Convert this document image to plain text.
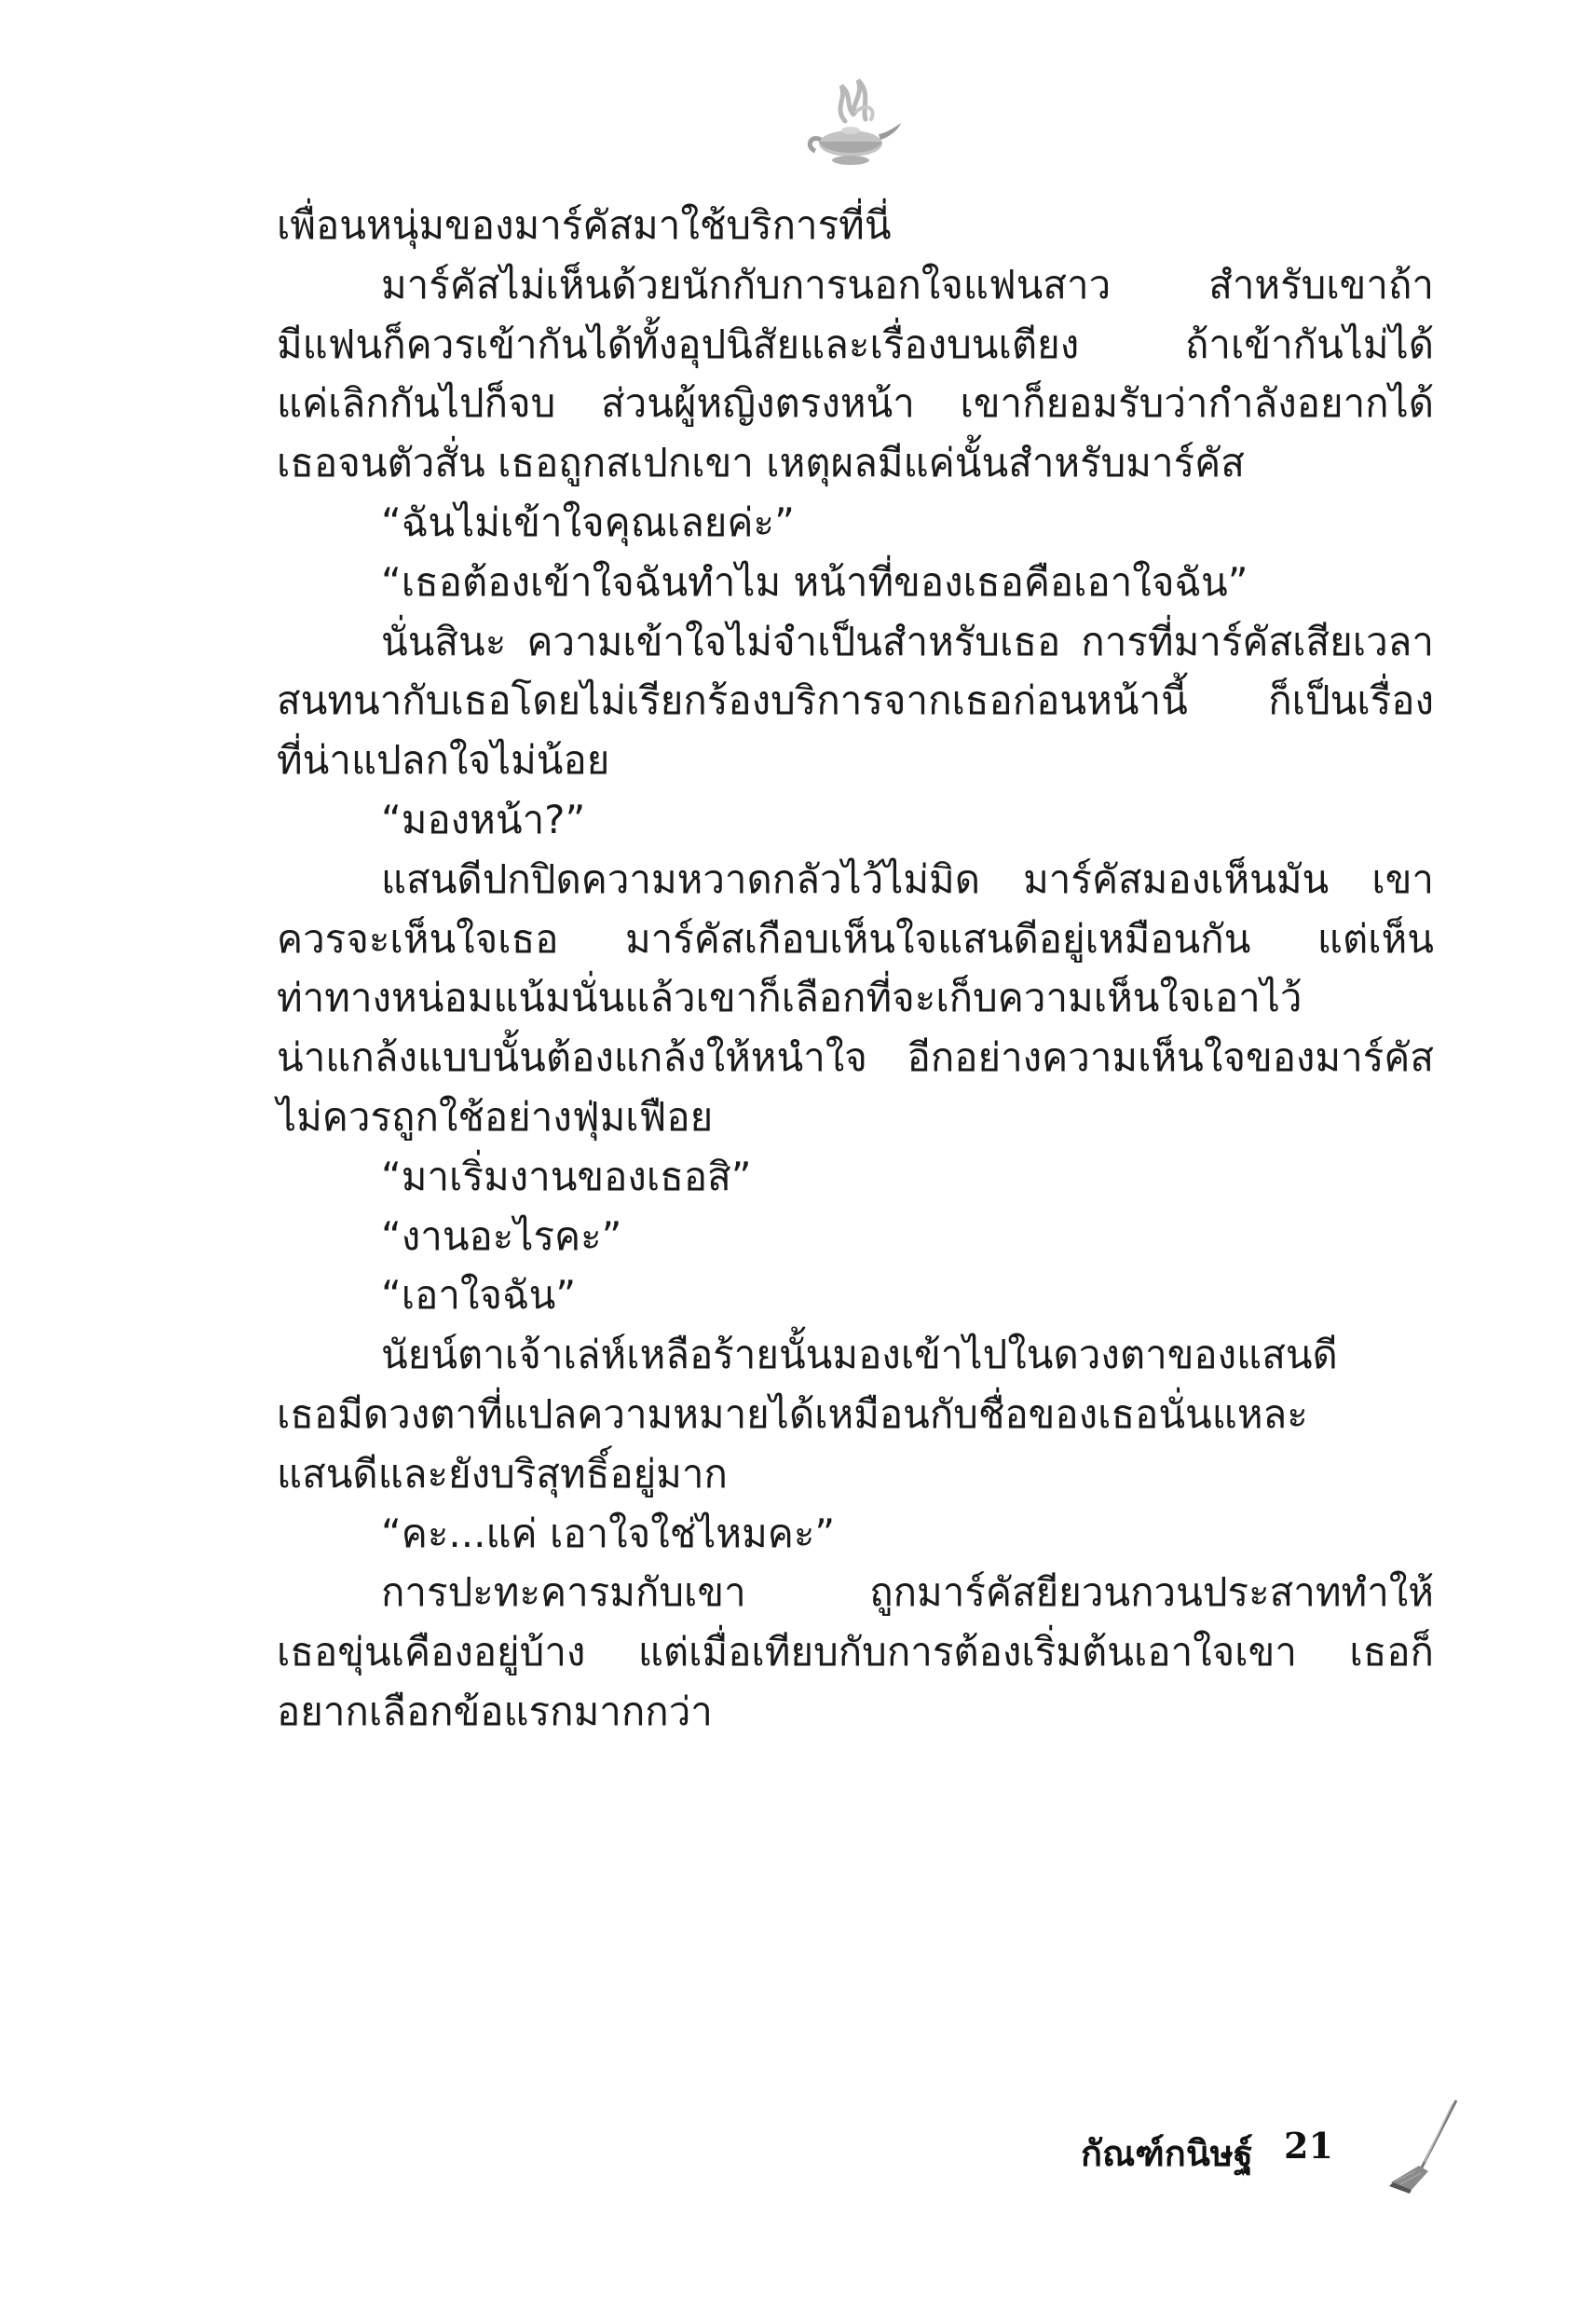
เพื่อนหนุ่มของมาร์คัสมาใช้บริการที่นี่
มาร์คัสไม่เห็นด้วยนักกับการนอกใจแฟนสาว สำหรับเขาถ้า
มีแฟนก็ควรเข้ากันได้ทั้งอุปนิสัยและเรื่องบนเตียง ถ้าเข้ากันไม่ได้
แค่เลิกกันไปก็จบ ส่วนผู้หญิงตรงหน้า เขาก็ยอมรับว่ากำลังอยากได้
เธอจนตัวสั่น เธอถูกสเปกเขา เหตุผลมีแค่นั้นสำหรับมาร์คัส
“ฉันไม่เข้าใจคุณเลยค่ะ”
“เธอต้องเข้าใจฉันทำไม หน้าที่ของเธอคือเอาใจฉัน”
นั่นสินะ ความเข้าใจไม่จำเป็นสำหรับเธอ การที่มาร์คัสเสียเวลา
สนทนากับเธอโดยไม่เรียกร้องบริการจากเธอก่อนหน้านี้ ก็เป็นเรื่อง
ที่น่าแปลกใจไม่น้อย
“มองหน้า?”
แสนดีปกปิดความหวาดกลัวไว้ไม่มิด มาร์คัสมองเห็นมัน เขา
ควรจะเห็นใจเธอ มาร์คัสเกือบเห็นใจแสนดีอยู่เหมือนกัน แต่เห็น
ท่าทางหน่อมแน้มนั่นแล้วเขาก็เลือกที่จะเก็บความเห็นใจเอาไว้
น่าแกล้งแบบนั้นต้องแกล้งให้หนำใจ อีกอย่างความเห็นใจของมาร์คัส
ไม่ควรถูกใช้อย่างฟุ่มเฟือย
“มาเริ่มงานของเธอสิ”
“งานอะไรคะ”
“เอาใจฉัน”
นัยน์ตาเจ้าเล่ห์เหลือร้ายนั้นมองเข้าไปในดวงตาของแสนดี
เธอมีดวงตาที่แปลความหมายได้เหมือนกับชื่อของเธอนั่นแหละ
แสนดีและยังบริสุทธิ์อยู่มาก
“คะ...แค่ เอาใจใช่ไหมคะ”
การปะทะคารมกับเขา ถูกมาร์คัสยียวนกวนประสาททำให้
เธอขุ่นเคืองอยู่บ้าง แต่เมื่อเทียบกับการต้องเริ่มต้นเอาใจเขา เธอก็
อยากเลือกข้อแรกมากกว่า
กัณฑ์กนิษฐ์ 21
